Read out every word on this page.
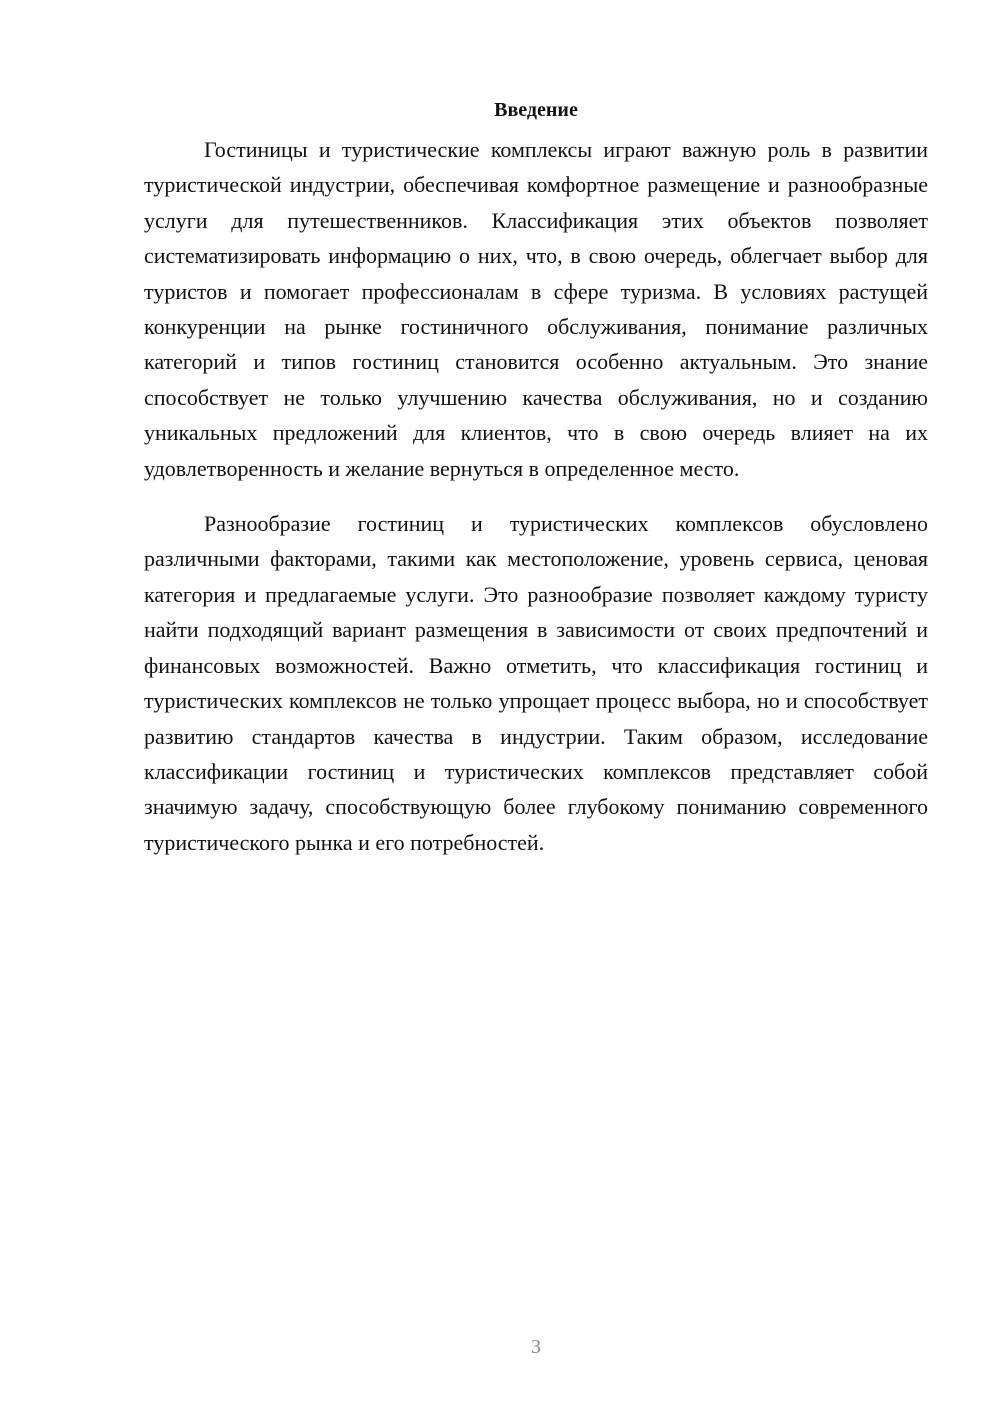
Введение

Гостиницы и туристические комплексы играют важную роль в развитии туристической индустрии, обеспечивая комфортное размещение и разнообразные услуги для путешественников. Классификация этих объектов позволяет систематизировать информацию о них, что, в свою очередь, облегчает выбор для туристов и помогает профессионалам в сфере туризма. В условиях растущей конкуренции на рынке гостиничного обслуживания, понимание различных категорий и типов гостиниц становится особенно актуальным. Это знание способствует не только улучшению качества обслуживания, но и созданию уникальных предложений для клиентов, что в свою очередь влияет на их удовлетворенность и желание вернуться в определенное место.

Разнообразие гостиниц и туристических комплексов обусловлено различными факторами, такими как местоположение, уровень сервиса, ценовая категория и предлагаемые услуги. Это разнообразие позволяет каждому туристу найти подходящий вариант размещения в зависимости от своих предпочтений и финансовых возможностей. Важно отметить, что классификация гостиниц и туристических комплексов не только упрощает процесс выбора, но и способствует развитию стандартов качества в индустрии. Таким образом, исследование классификации гостиниц и туристических комплексов представляет собой значимую задачу, способствующую более глубокому пониманию современного туристического рынка и его потребностей.

3
